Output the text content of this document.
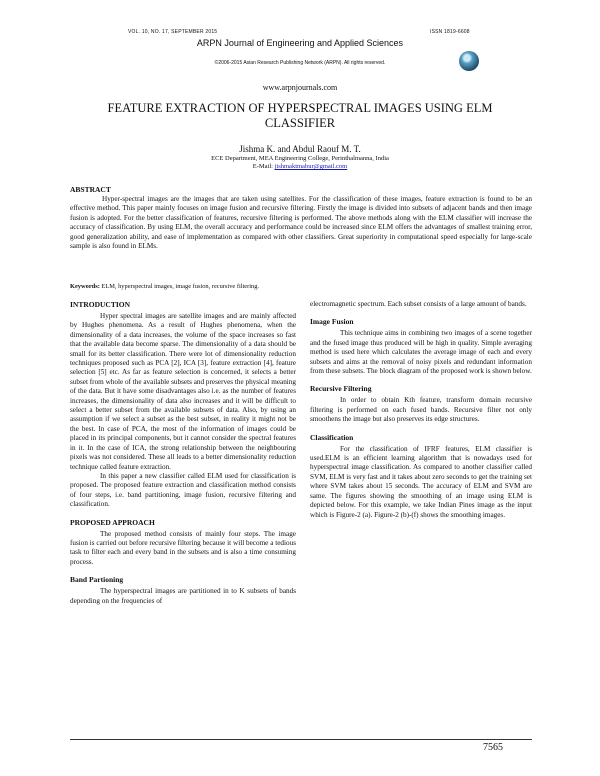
VOL. 10, NO. 17, SEPTEMBER 2015	ISSN 1819-6608
ARPN Journal of Engineering and Applied Sciences
©2006-2015 Asian Research Publishing Network (ARPN). All rights reserved.
www.arpnjournals.com
FEATURE EXTRACTION OF HYPERSPECTRAL IMAGES USING ELM CLASSIFIER
Jishma K. and Abdul Raouf M. T.
ECE Department, MEA Engineering College, Perinthalmanna, India
E-Mail: jishmaktmabur@gmail.com
ABSTRACT
Hyper-spectral images are the images that are taken using satellites. For the classification of these images, feature extraction is found to be an effective method. This paper mainly focuses on image fusion and recursive filtering. Firstly the image is divided into subsets of adjacent bands and then image fusion is adopted. For the better classification of features, recursive filtering is performed. The above methods along with the ELM classifier will increase the accuracy of classification. By using ELM, the overall accuracy and performance could be increased since ELM offers the advantages of smallest training error, good generalization ability, and ease of implementation as compared with other classifiers. Great superiority in computational speed especially for large-scale sample is also found in ELMs.
Keywords: ELM, hyperspectral images, image fusion, recursive filtering.
INTRODUCTION

Hyper spectral images are satellite images and are mainly affected by Hughes phenomena. As a result of Hughes phenomena, when the dimensionality of a data increases, the volume of the space increases so fast that the available data become sparse. The dimensionality of a data should be small for its better classification. There were lot of dimensionality reduction techniques proposed such as PCA [2], ICA [3], feature extraction [4], feature selection [5] etc. As far as feature selection is concerned, it selects a better subset from whole of the available subsets and preserves the physical meaning of the data. But it have some disadvantages also i.e. as the number of features increases, the dimensionality of data also increases and it will be difficult to select a better subset from the available subsets of data. Also, by using an assumption if we select a subset as the best subset, in reality it might not be the best. In case of PCA, the most of the information of images could be placed in its principal components, but it cannot consider the spectral features in it. In the case of ICA, the strong relationship between the neighbouring pixels was not considered. These all leads to a better dimensionality reduction technique called feature extraction.

In this paper a new classifier called ELM used for classification is proposed. The proposed feature extraction and classification method consists of four steps, i.e. band partitioning, image fusion, recursive filtering and classification.

PROPOSED APPROACH

The proposed method consists of mainly four steps. The image fusion is carried out before recursive filtering because it will become a tedious task to filter each and every band in the subsets and is also a time consuming process.

Band Partioning

The hyperspectral images are partitioned in to K subsets of bands depending on the frequencies of

electromagnetic spectrum. Each subset consists of a large amount of bands.

Image Fusion

This technique aims in combining two images of a scene together and the fused image thus produced will be high in quality. Simple averaging method is used here which calculates the average image of each and every subsets and aims at the removal of noisy pixels and redundant information from these subsets. The block diagram of the proposed work is shown below.

Recursive Filtering

In order to obtain Kth feature, transform domain recursive filtering is performed on each fused bands. Recursive filter not only smoothens the image but also preserves its edge structures.

Classification

For the classification of IFRF features, ELM classifier is used.ELM is an efficient learning algorithm that is nowadays used for hyperspectral image classification. As compared to another classifier called SVM, ELM is very fast and it takes about zero seconds to get the training set where SVM takes about 15 seconds. The accuracy of ELM and SVM are same. The figures showing the smoothing of an image using ELM is depicted below. For this example, we take Indian Pines image as the input which is Figure-2 (a). Figure-2 (b)-(f) shows the smoothing images.

7565
